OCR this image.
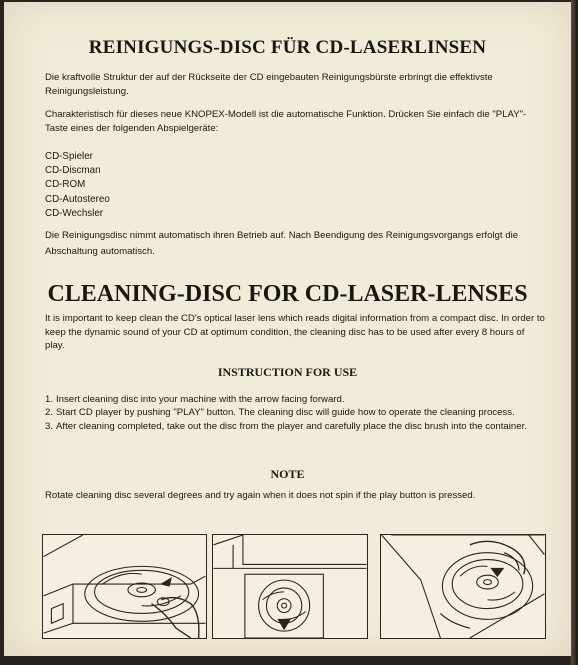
REINIGUNGS-DISC FÜR CD-LASERLINSEN

Die kraftvolle Struktur der auf der Rückseite der CD eingebauten Reinigungsbürste erbringt die effektivste Reinigungsleistung.

Charakteristisch für dieses neue KNOPEX-Modell ist die automatische Funktion. Drücken Sie einfach die "PLAY"-Taste eines der folgenden Abspielgeräte:

CD-Spieler
CD-Discman
CD-ROM
CD-Autostereo
CD-Wechsler

Die Reinigungsdisc nimmt automatisch ihren Betrieb auf. Nach Beendigung des Reinigungsvorgangs erfolgt die Abschaltung automatisch.

CLEANING-DISC FOR CD-LASER-LENSES

It is important to keep clean the CD's optical laser lens which reads digital information from a compact disc. In order to keep the dynamic sound of your CD at optimum condition, the cleaning disc has to be used after every 8 hours of play.

INSTRUCTION FOR USE
1. Insert cleaning disc into your machine with the arrow facing forward.
2. Start CD player by pushing "PLAY" button. The cleaning disc will guide how to operate the cleaning process.
3. After cleaning completed, take out the disc from the player and carefully place the disc brush into the container.
NOTE

Rotate cleaning disc several degrees and try again when it does not spin if the play button is pressed.
